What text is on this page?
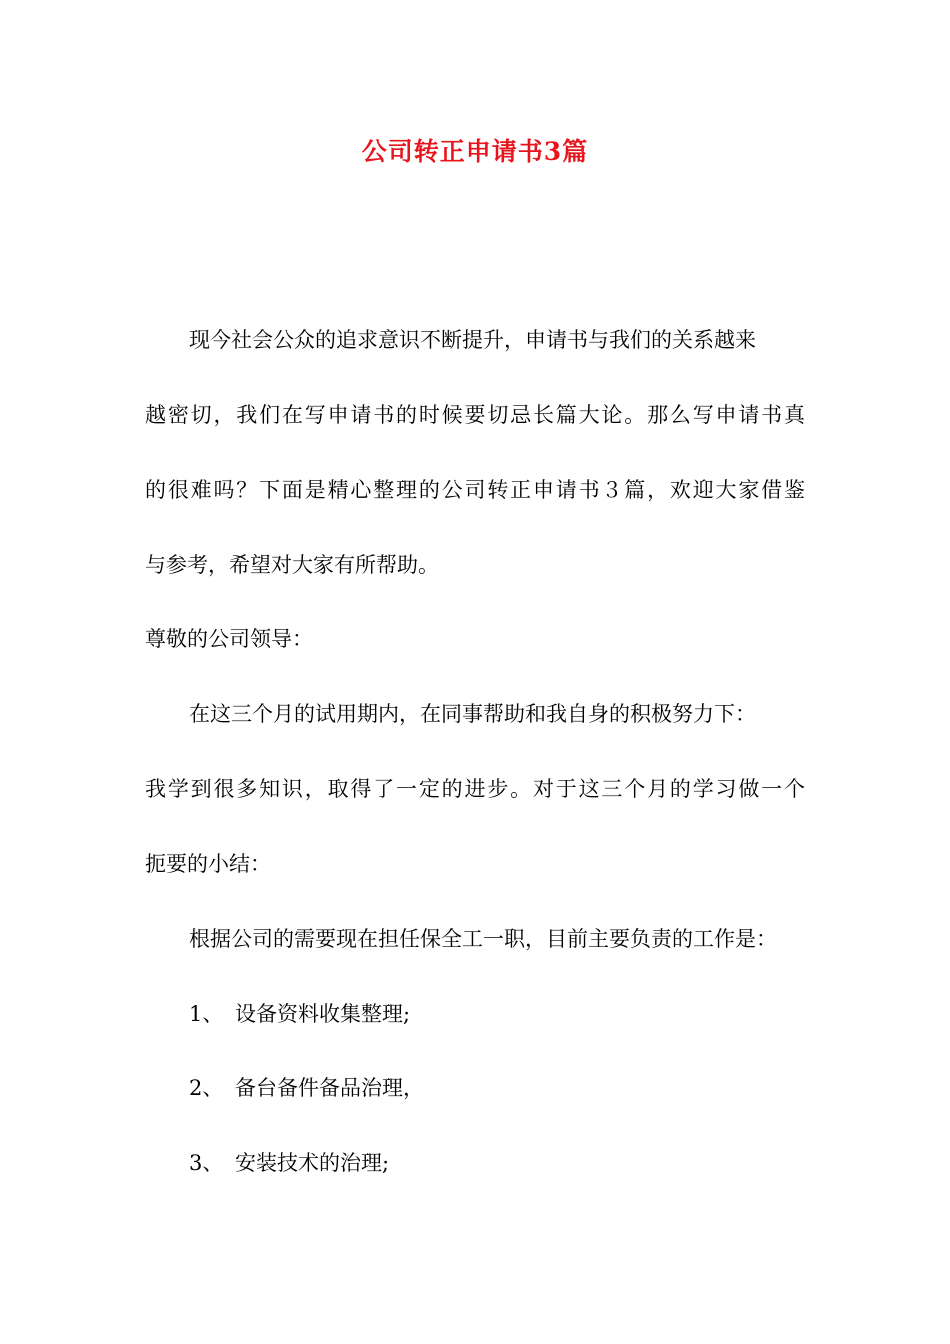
公司转正申请书3篇
现今社会公众的追求意识不断提升，申请书与我们的关系越来
越密切，我们在写申请书的时候要切忌长篇大论。那么写申请书真
的很难吗？下面是精心整理的公司转正申请书３篇，欢迎大家借鉴
与参考，希望对大家有所帮助。
尊敬的公司领导：
在这三个月的试用期内，在同事帮助和我自身的积极努力下：
我学到很多知识，取得了一定的进步。对于这三个月的学习做一个
扼要的小结：
根据公司的需要现在担任保全工一职，目前主要负责的工作是：
1、 设备资料收集整理;
2、 备台备件备品治理，
3、 安装技术的治理;
